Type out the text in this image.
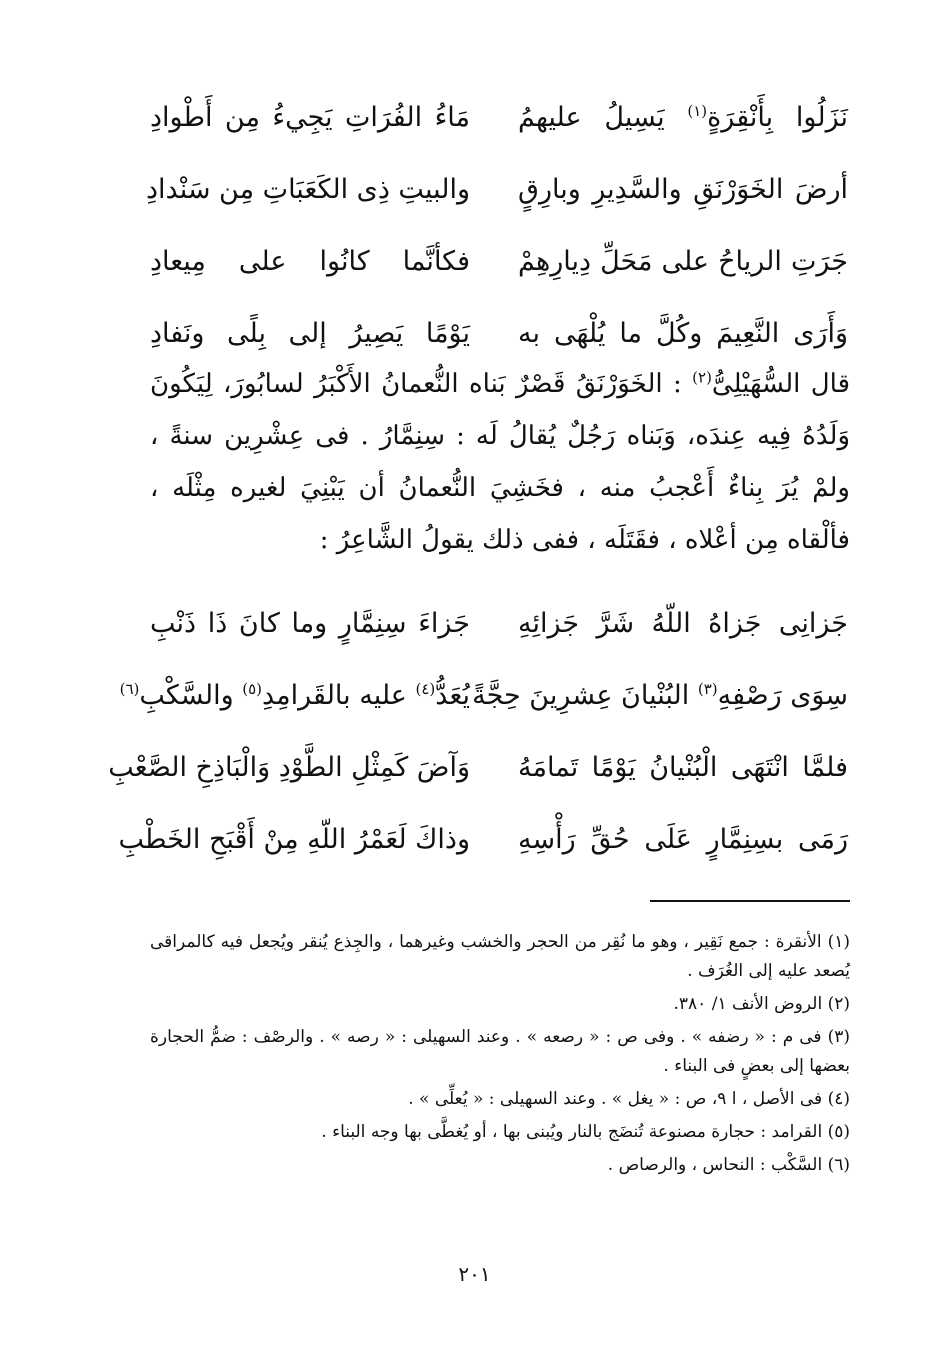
نَزَلُوا بِأَنْقِرَةٍ$^{(١)}$ يَسِيلُ عليهمُ
مَاءُ الفُرَاتِ يَجِيءُ مِن أَطْوادِ
أرضَ الخَوَرْنَقِ والسَّدِيرِ وبارِقٍ
والبيتِ ذِى الكَعَبَاتِ مِن سَنْدادِ
جَرَتِ الرياحُ على مَحَلِّ دِيارِهِمْ
فكأنَّما كانُوا على مِيعادِ
وَأَرَى النَّعِيمَ وكُلَّ ما يُلْهَى به
يَوْمًا يَصِيرُ إلى بِلًى ونَفادِ

قال السُّهَيْلِىُّ$^{(٢)}$ : الخَوَرْنَقُ قَصْرٌ بَناه النُّعمانُ الأَكْبَرُ لسابُورَ، لِيَكُونَ وَلَدُهُ فِيه عِندَه، وَبَناه رَجُلٌ يُقالُ لَه : سِنِمَّارُ . فى عِشْرِين سنةً ، ولمْ يُرَ بِناءٌ أَعْجبُ منه ، فخَشِيَ النُّعمانُ أن يَبْنِيَ لغيره مِثْلَه ، فألْقاه مِن أعْلاه ، فقَتَلَه ، ففى ذلك يقولُ الشَّاعِرُ :

جَزانِى جَزاهُ اللّهُ شَرَّ جَزائِهِ
جَزاءَ سِنِمَّارٍ وما كانَ ذَا ذَنْبِ
سِوَى رَصْفِهِ$^{(٣)}$ البُنْيانَ عِشرِينَ حِجَّةً
يُعَدُّ$^{(٤)}$ عليه بالقَرامِدِ$^{(٥)}$ والسَّكْبِ$^{(٦)}$
فلمَّا انْتَهَى الْبُنْيانُ يَوْمًا تَمامَهُ
وَآضَ كَمِثْلِ الطَّوْدِ وَالْبَاذِخِ الصَّعْبِ
رَمَى بسِنِمَّارٍ عَلَى حُقِّ رَأْسِهِ
وذاكَ لَعَمْرُ اللّهِ مِنْ أَقْبَحِ الخَطْبِ

(١) الأنقرة : جمع نَقِير ، وهو ما نُقِر من الحجر والخشب وغيرهما ، والجِذع يُنقر ويُجعل فيه كالمراقى يُصعد عليه إلى الغُرَف .

(٢) الروض الأنف ١/ ٣٨٠.

(٣) فى م : « رضفه » . وفى ص : « رصعه » . وعند السهيلى : « رصه » . والرصْف : ضمُّ الحجارة بعضها إلى بعضٍ فى البناء .

(٤) فى الأصل ، ا ٩، ص : « يغل » . وعند السهيلى : « يُعلِّى » .

(٥) القرامد : حجارة مصنوعة تُنضَج بالنار ويُبنى بها ، أو يُغطَّى بها وجه البناء .

(٦) السَّكْب : النحاس ، والرصاص .

٢٠١
